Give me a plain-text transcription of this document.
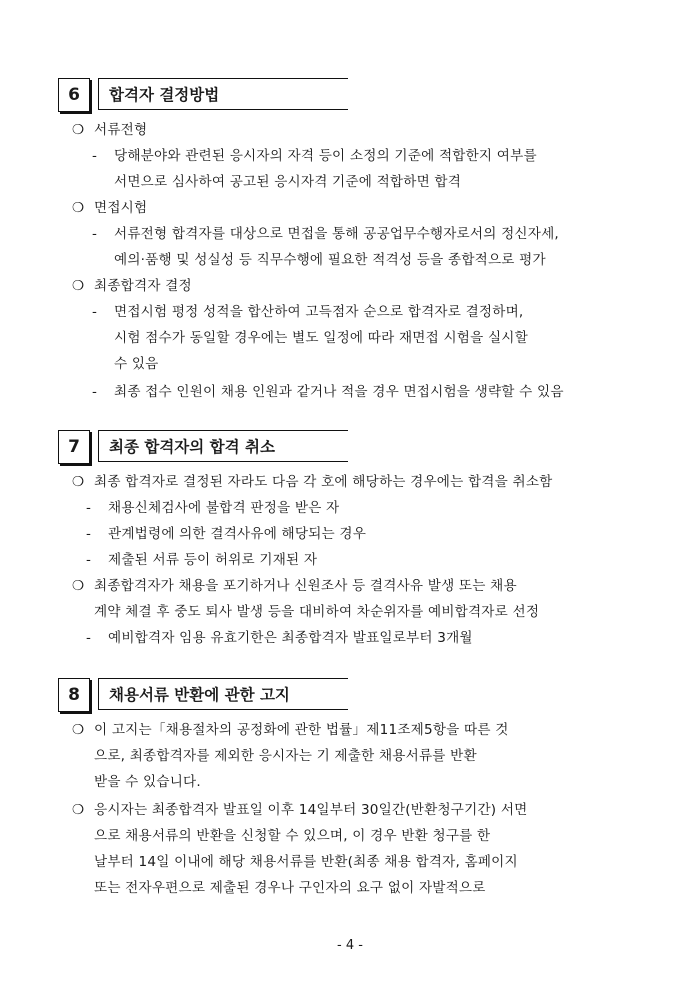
6	합격자 결정방법
❍ 서류전형
- 당해분야와 관련된 응시자의 자격 등이 소정의 기준에 적합한지 여부를
서면으로 심사하여 공고된 응시자격 기준에 적합하면 합격
❍ 면접시험
- 서류전형 합격자를 대상으로 면접을 통해 공공업무수행자로서의 정신자세,
예의·품행 및 성실성 등 직무수행에 필요한 적격성 등을 종합적으로 평가
❍ 최종합격자 결정
- 면접시험 평정 성적을 합산하여 고득점자 순으로 합격자로 결정하며,
시험 점수가 동일할 경우에는 별도 일정에 따라 재면접 시험을 실시할
수 있음
- 최종 접수 인원이 채용 인원과 같거나 적을 경우 면접시험을 생략할 수 있음
7	최종 합격자의 합격 취소
❍ 최종 합격자로 결정된 자라도 다음 각 호에 해당하는 경우에는 합격을 취소함
- 채용신체검사에 불합격 판정을 받은 자
- 관계법령에 의한 결격사유에 해당되는 경우
- 제출된 서류 등이 허위로 기재된 자
❍ 최종합격자가 채용을 포기하거나 신원조사 등 결격사유 발생 또는 채용
계약 체결 후 중도 퇴사 발생 등을 대비하여 차순위자를 예비합격자로 선정
- 예비합격자 임용 유효기한은 최종합격자 발표일로부터 3개월
8	채용서류 반환에 관한 고지
❍ 이 고지는「채용절차의 공정화에 관한 법률」제11조제5항을 따른 것
으로, 최종합격자를 제외한 응시자는 기 제출한 채용서류를 반환
받을 수 있습니다.
❍ 응시자는 최종합격자 발표일 이후 14일부터 30일간(반환청구기간) 서면
으로 채용서류의 반환을 신청할 수 있으며, 이 경우 반환 청구를 한
날부터 14일 이내에 해당 채용서류를 반환(최종 채용 합격자, 홈페이지
또는 전자우편으로 제출된 경우나 구인자의 요구 없이 자발적으로
- 4 -
